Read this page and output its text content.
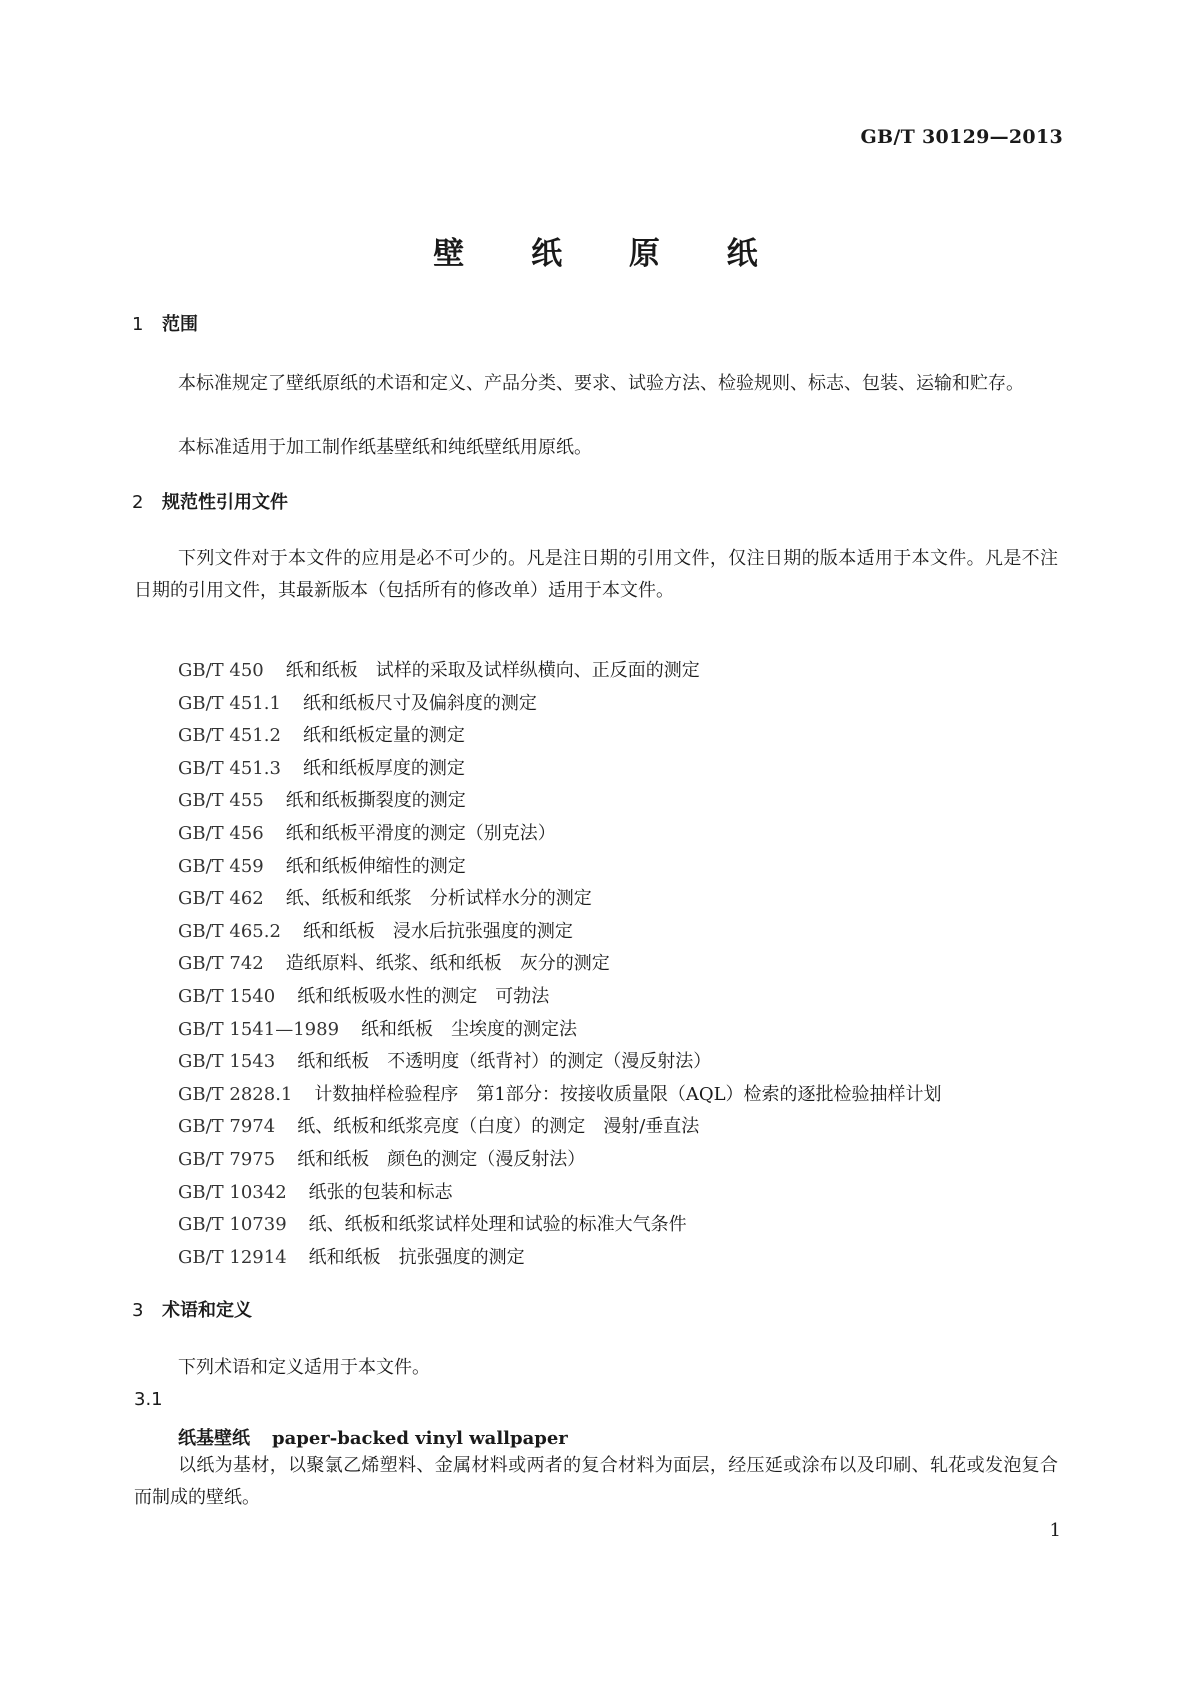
GB/T 30129—2013
壁 纸 原 纸
1 范围

本标准规定了壁纸原纸的术语和定义、产品分类、要求、试验方法、检验规则、标志、包装、运输和贮存。

本标准适用于加工制作纸基壁纸和纯纸壁纸用原纸。

2 规范性引用文件

下列文件对于本文件的应用是必不可少的。凡是注日期的引用文件，仅注日期的版本适用于本文件。凡是不注日期的引用文件，其最新版本（包括所有的修改单）适用于本文件。

GB/T 450 纸和纸板　试样的采取及试样纵横向、正反面的测定
GB/T 451.1 纸和纸板尺寸及偏斜度的测定
GB/T 451.2 纸和纸板定量的测定
GB/T 451.3 纸和纸板厚度的测定
GB/T 455 纸和纸板撕裂度的测定
GB/T 456 纸和纸板平滑度的测定（别克法）
GB/T 459 纸和纸板伸缩性的测定
GB/T 462 纸、纸板和纸浆　分析试样水分的测定
GB/T 465.2 纸和纸板　浸水后抗张强度的测定
GB/T 742 造纸原料、纸浆、纸和纸板　灰分的测定
GB/T 1540 纸和纸板吸水性的测定　可勃法
GB/T 1541—1989 纸和纸板　尘埃度的测定法
GB/T 1543 纸和纸板　不透明度（纸背衬）的测定（漫反射法）
GB/T 2828.1 计数抽样检验程序　第1部分：按接收质量限（AQL）检索的逐批检验抽样计划
GB/T 7974 纸、纸板和纸浆亮度（白度）的测定　漫射/垂直法
GB/T 7975 纸和纸板　颜色的测定（漫反射法）
GB/T 10342 纸张的包装和标志
GB/T 10739 纸、纸板和纸浆试样处理和试验的标准大气条件
GB/T 12914 纸和纸板　抗张强度的测定
3 术语和定义

下列术语和定义适用于本文件。

3.1
纸基壁纸 paper-backed vinyl wallpaper

以纸为基材，以聚氯乙烯塑料、金属材料或两者的复合材料为面层，经压延或涂布以及印刷、轧花或发泡复合而制成的壁纸。

1
